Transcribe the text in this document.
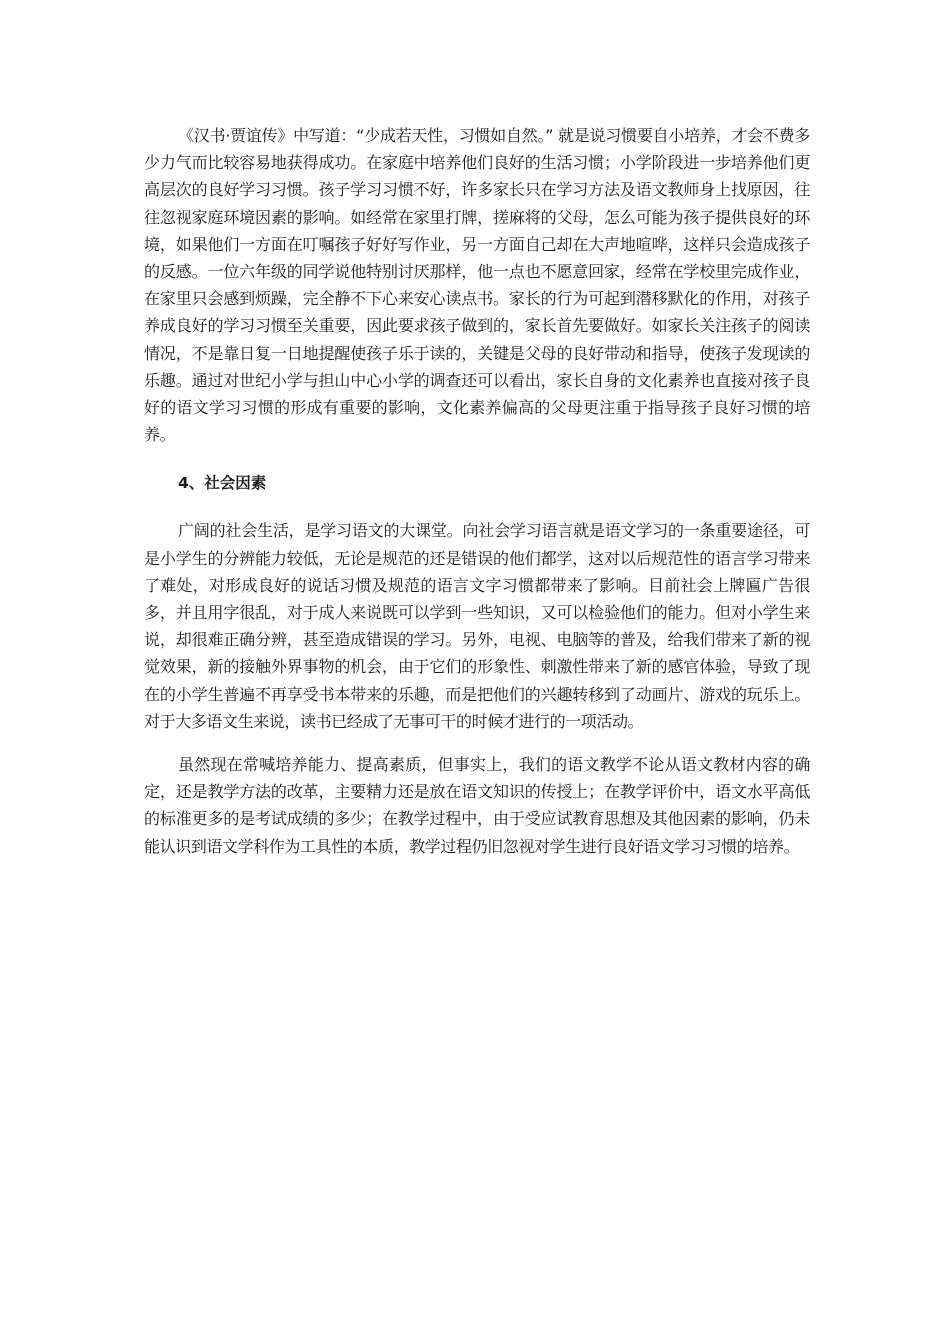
《汉书·贾谊传》中写道：“少成若天性，习惯如自然。” 就是说习惯要自小培养，才会不费多少力气而比较容易地获得成功。在家庭中培养他们良好的生活习惯；小学阶段进一步培养他们更高层次的良好学习习惯。孩子学习习惯不好，许多家长只在学习方法及语文教师身上找原因，往往忽视家庭环境因素的影响。如经常在家里打牌，搓麻将的父母，怎么可能为孩子提供良好的环境，如果他们一方面在叮嘱孩子好好写作业，另一方面自己却在大声地喧哗，这样只会造成孩子的反感。一位六年级的同学说他特别讨厌那样，他一点也不愿意回家，经常在学校里完成作业，在家里只会感到烦躁，完全静不下心来安心读点书。家长的行为可起到潜移默化的作用，对孩子养成良好的学习习惯至关重要，因此要求孩子做到的，家长首先要做好。如家长关注孩子的阅读情况，不是靠日复一日地提醒使孩子乐于读的，关键是父母的良好带动和指导，使孩子发现读的乐趣。通过对世纪小学与担山中心小学的调查还可以看出，家长自身的文化素养也直接对孩子良好的语文学习习惯的形成有重要的影响，文化素养偏高的父母更注重于指导孩子良好习惯的培养。

4、社会因素

广阔的社会生活，是学习语文的大课堂。向社会学习语言就是语文学习的一条重要途径，可是小学生的分辨能力较低，无论是规范的还是错误的他们都学，这对以后规范性的语言学习带来了难处，对形成良好的说话习惯及规范的语言文字习惯都带来了影响。目前社会上牌匾广告很多，并且用字很乱，对于成人来说既可以学到一些知识，又可以检验他们的能力。但对小学生来说，却很难正确分辨，甚至造成错误的学习。另外，电视、电脑等的普及，给我们带来了新的视觉效果，新的接触外界事物的机会，由于它们的形象性、刺激性带来了新的感官体验，导致了现在的小学生普遍不再享受书本带来的乐趣，而是把他们的兴趣转移到了动画片、游戏的玩乐上。对于大多语文生来说，读书已经成了无事可干的时候才进行的一项活动。

虽然现在常喊培养能力、提高素质，但事实上，我们的语文教学不论从语文教材内容的确定，还是教学方法的改革，主要精力还是放在语文知识的传授上；在教学评价中，语文水平高低的标准更多的是考试成绩的多少；在教学过程中，由于受应试教育思想及其他因素的影响，仍未能认识到语文学科作为工具性的本质，教学过程仍旧忽视对学生进行良好语文学习习惯的培养。
